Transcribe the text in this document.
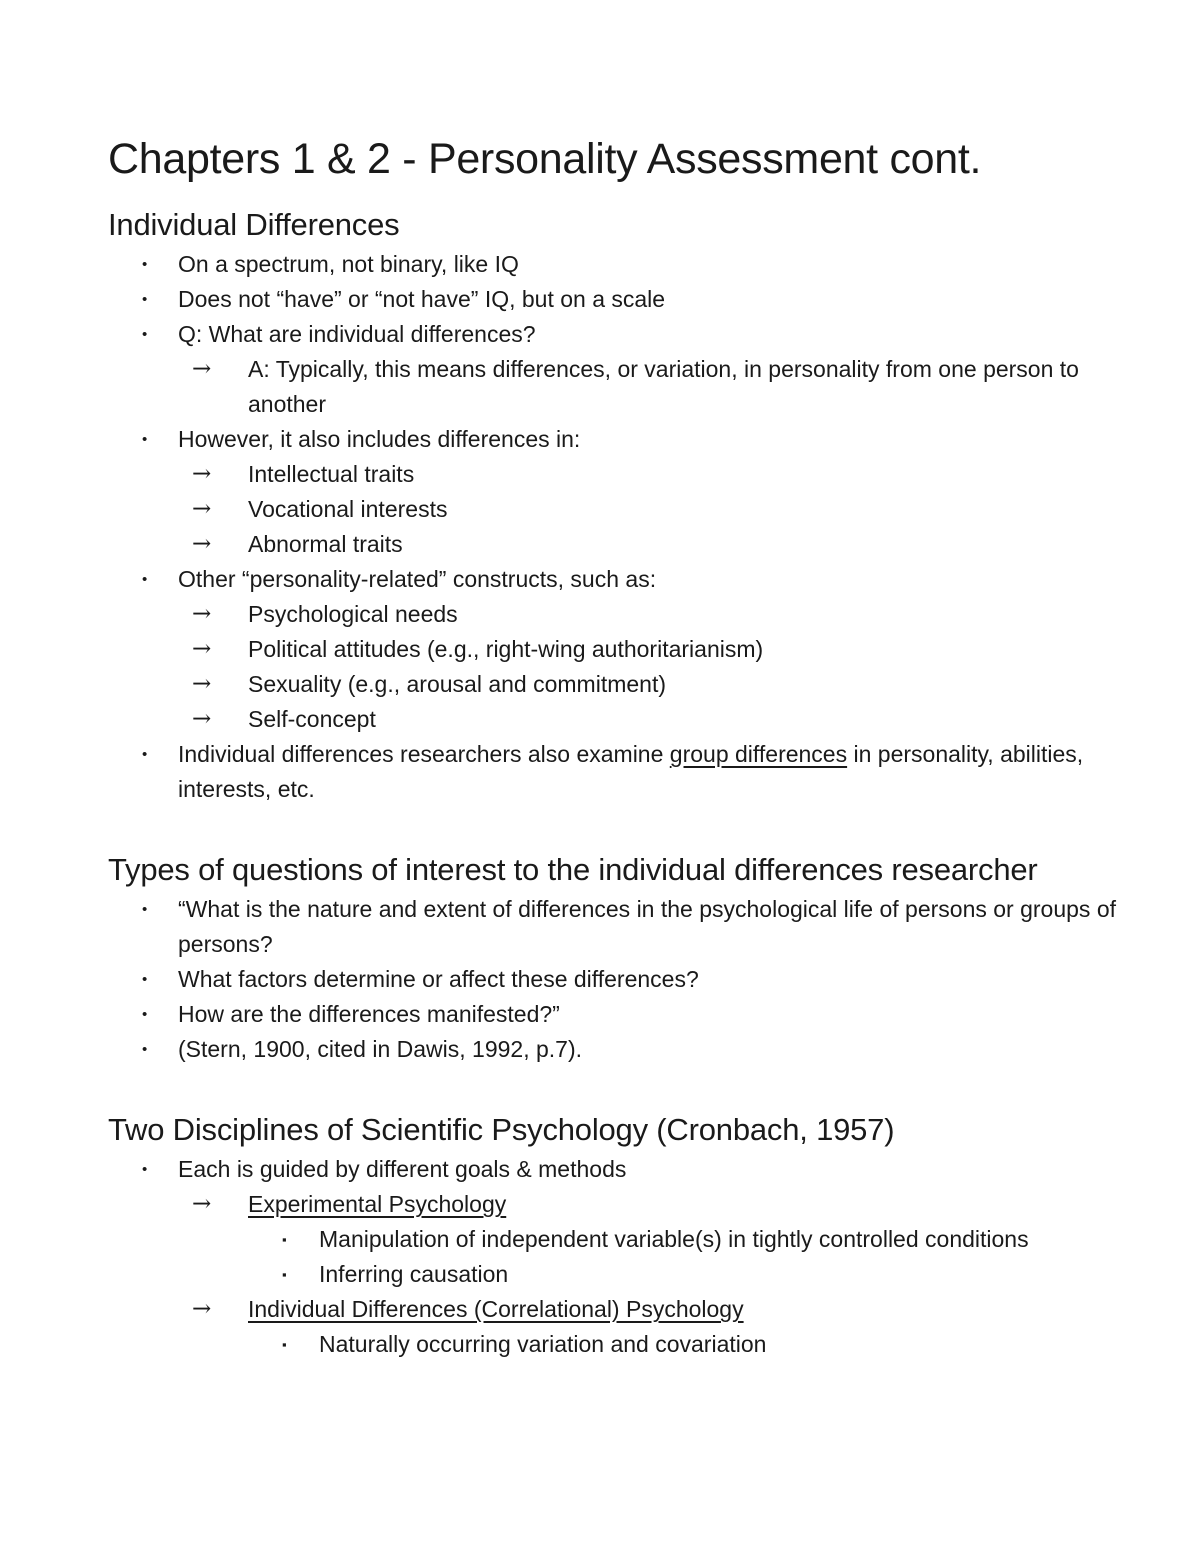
Chapters 1 & 2 - Personality Assessment cont.
Individual Differences
• On a spectrum, not binary, like IQ
• Does not “have” or “not have” IQ, but on a scale
• Q: What are individual differences?
→ A: Typically, this means differences, or variation, in personality from one person to another
• However, it also includes differences in:
→ Intellectual traits
→ Vocational interests
→ Abnormal traits
• Other “personality-related” constructs, such as:
→ Psychological needs
→ Political attitudes (e.g., right-wing authoritarianism)
→ Sexuality (e.g., arousal and commitment)
→ Self-concept
• Individual differences researchers also examine group differences in personality, abilities, interests, etc.
Types of questions of interest to the individual differences researcher
• “What is the nature and extent of differences in the psychological life of persons or groups of persons?
• What factors determine or affect these differences?
• How are the differences manifested?”
• (Stern, 1900, cited in Dawis, 1992, p.7).
Two Disciplines of Scientific Psychology (Cronbach, 1957)
• Each is guided by different goals & methods
→ Experimental Psychology
▪ Manipulation of independent variable(s) in tightly controlled conditions
▪ Inferring causation
→ Individual Differences (Correlational) Psychology
▪ Naturally occurring variation and covariation
